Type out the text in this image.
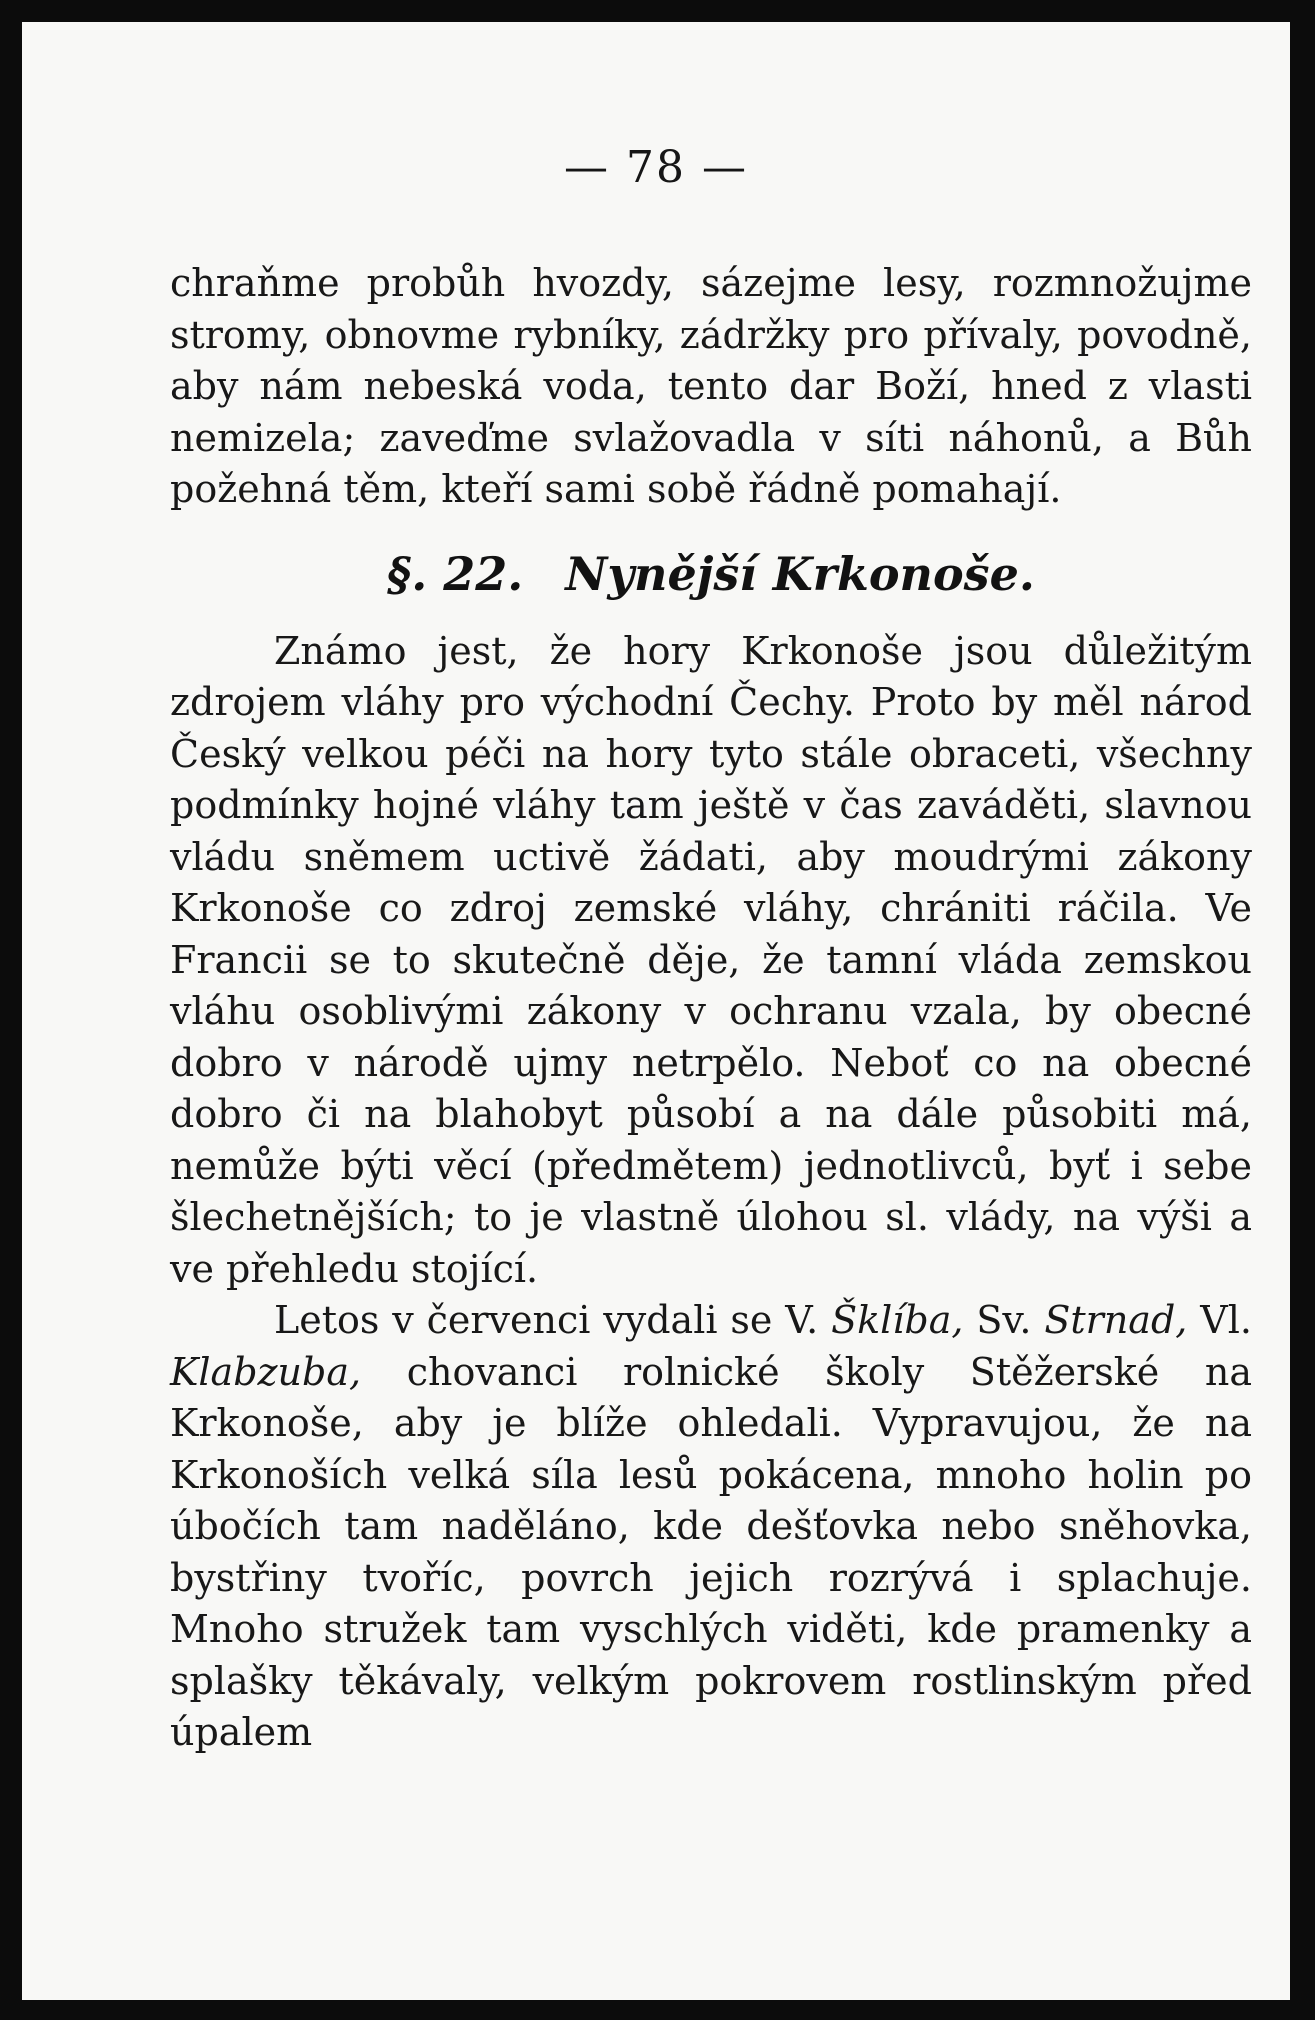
— 78 —

chraňme probůh hvozdy, sázejme lesy, rozmnožujme stromy, obnovme rybníky, zádržky pro přívaly, povodně, aby nám nebeská voda, tento dar Boží, hned z vlasti nemizela; zaveďme svlažovadla v síti náhonů, a Bůh požehná těm, kteří sami sobě řádně pomahají.

§. 22. Nynější Krkonoše.

Známo jest, že hory Krkonoše jsou důležitým zdrojem vláhy pro východní Čechy. Proto by měl národ Český velkou péči na hory tyto stále obraceti, všechny podmínky hojné vláhy tam ještě v čas zaváděti, slavnou vládu sněmem uctivě žádati, aby moudrými zákony Krkonoše co zdroj zemské vláhy, chrániti ráčila. Ve Francii se to skutečně děje, že tamní vláda zemskou vláhu osoblivými zákony v ochranu vzala, by obecné dobro v národě ujmy netrpělo. Neboť co na obecné dobro či na blahobyt působí a na dále působiti má, nemůže býti věcí (předmětem) jednotlivců, byť i sebe šlechetnějších; to je vlastně úlohou sl. vlády, na výši a ve přehledu stojící.

Letos v červenci vydali se V. Šklíba, Sv. Strnad, Vl. Klabzuba, chovanci rolnické školy Stěžerské na Krkonoše, aby je blíže ohledali. Vypravujou, že na Krkonoších velká síla lesů pokácena, mnoho holin po úbočích tam naděláno, kde dešťovka nebo sněhovka, bystřiny tvoříc, povrch jejich rozrývá i splachuje. Mnoho stružek tam vyschlých viděti, kde pramenky a splašky těkávaly, velkým pokrovem rostlinským před úpalem
